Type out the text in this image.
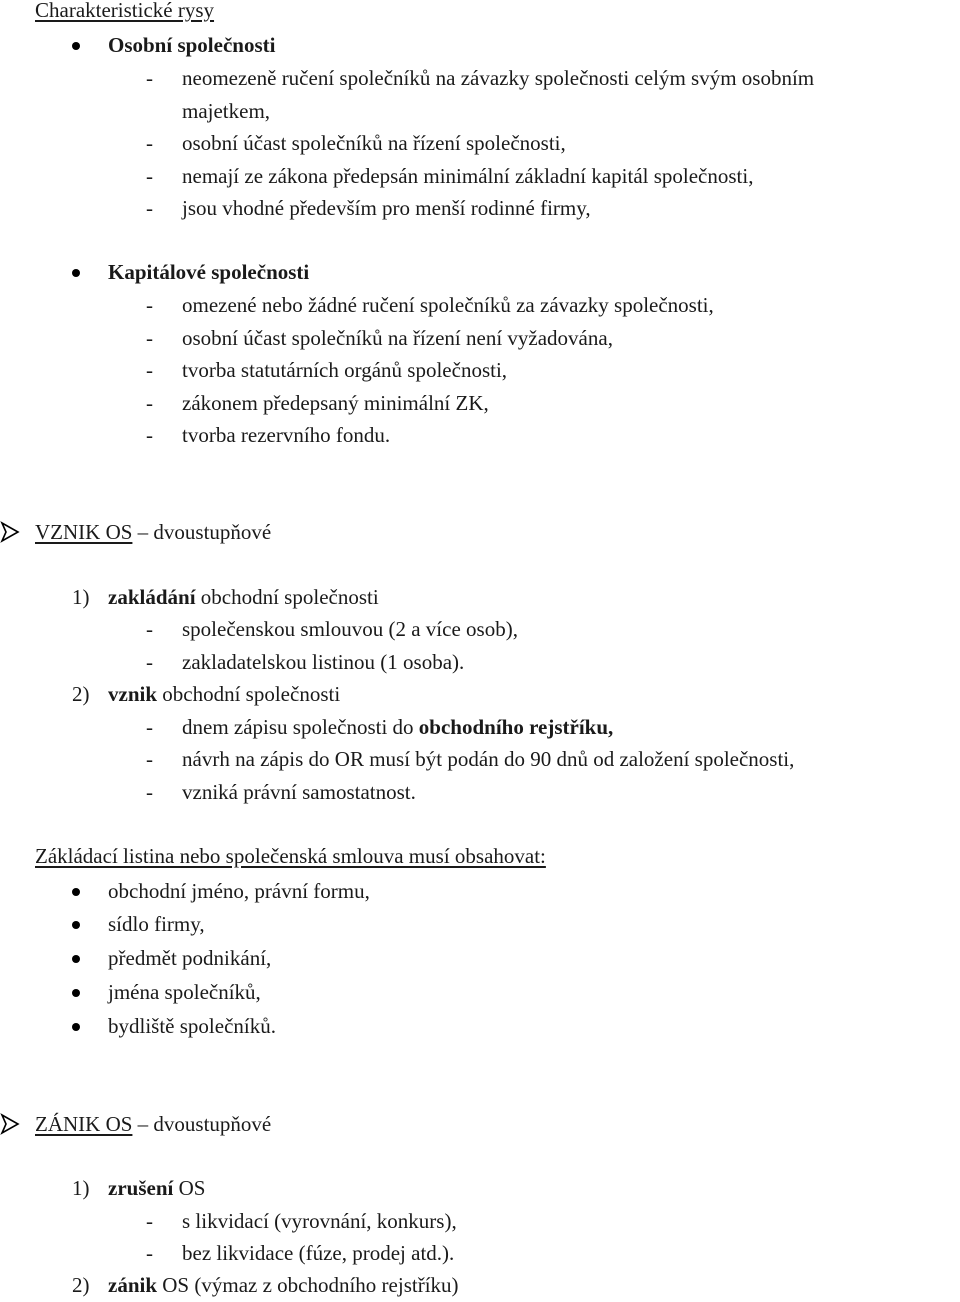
Charakteristické rysy
Osobní společnosti
- neomezeně ručení společníků na závazky společnosti celým svým osobním
majetkem,
- osobní účast společníků na řízení společnosti,
- nemají ze zákona předepsán minimální základní kapitál společnosti,
- jsou vhodné především pro menší rodinné firmy,
Kapitálové společnosti
- omezené nebo žádné ručení společníků za závazky společnosti,
- osobní účast společníků na řízení není vyžadována,
- tvorba statutárních orgánů společnosti,
- zákonem předepsaný minimální ZK,
- tvorba rezervního fondu.
VZNIK OS – dvoustupňové
1) zakládání obchodní společnosti
- společenskou smlouvou (2 a více osob),
- zakladatelskou listinou (1 osoba).
2) vznik obchodní společnosti
- dnem zápisu společnosti do obchodního rejstříku,
- návrh na zápis do OR musí být podán do 90 dnů od založení společnosti,
- vzniká právní samostatnost.
Zákládací listina nebo společenská smlouva musí obsahovat:
obchodní jméno, právní formu,
sídlo firmy,
předmět podnikání,
jména společníků,
bydliště společníků.
ZÁNIK OS – dvoustupňové
1) zrušení OS
- s likvidací (vyrovnání, konkurs),
- bez likvidace (fúze, prodej atd.).
2) zánik OS (výmaz z obchodního rejstříku)
